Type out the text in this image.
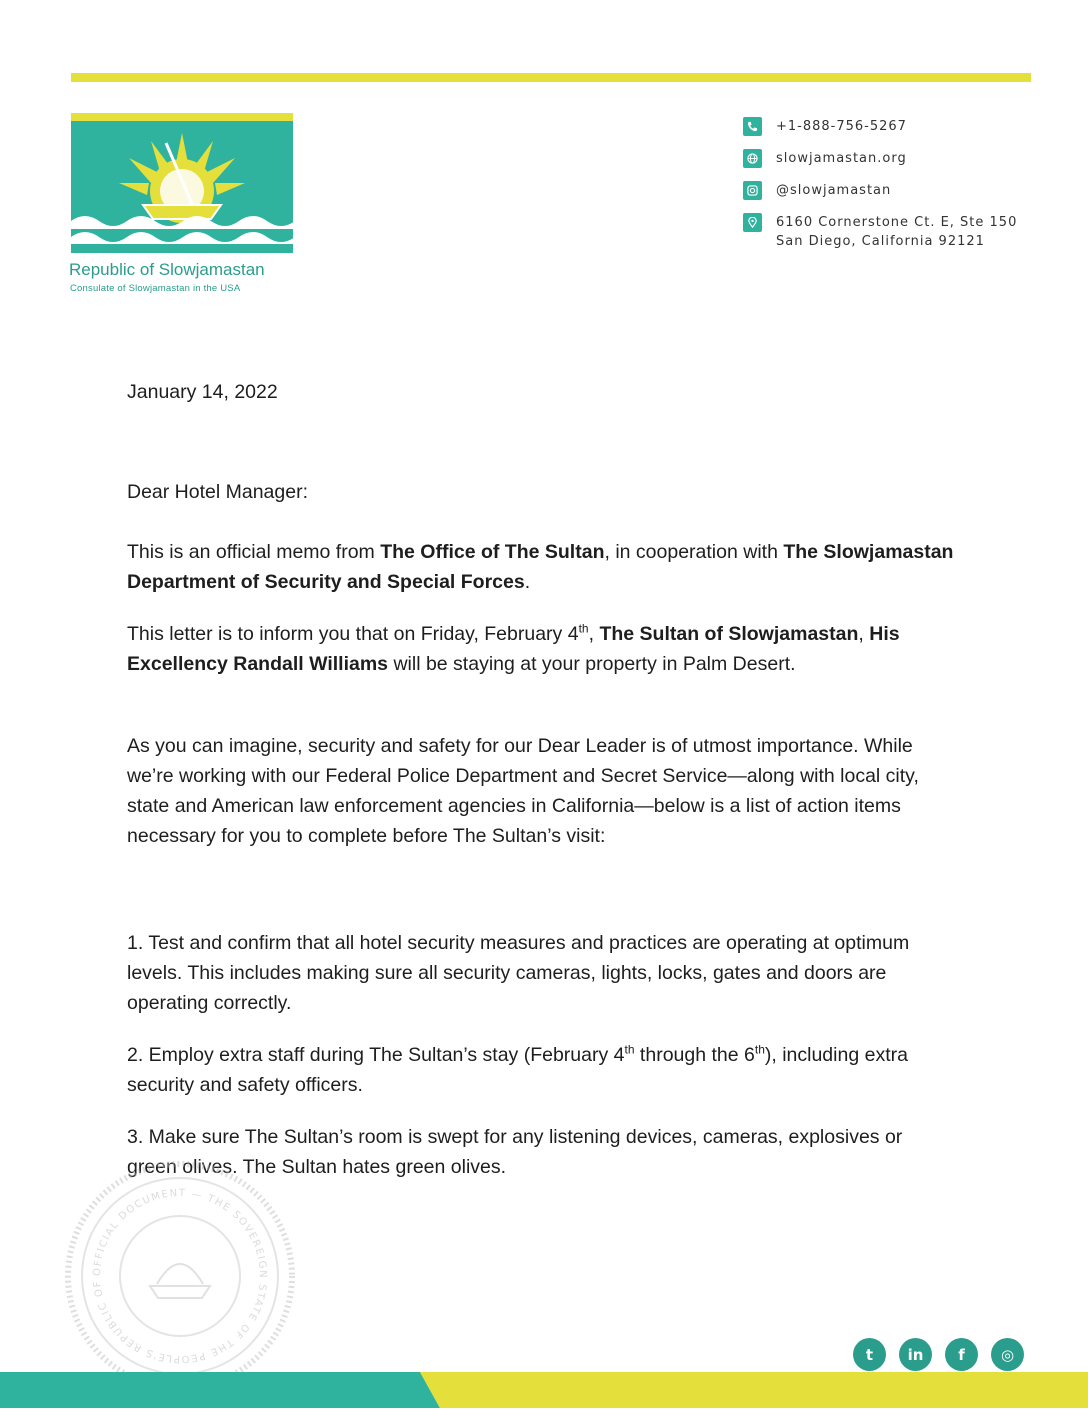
Republic of Slowjamastan
Consulate of Slowjamastan in the USA
+1-888-756-5267
slowjamastan.org
@slowjamastan
6160 Cornerstone Ct. E, Ste 150
San Diego, California 92121
January 14, 2022
Dear Hotel Manager:
This is an official memo from The Office of The Sultan, in cooperation with The Slowjamastan Department of Security and Special Forces.
This letter is to inform you that on Friday, February 4th, The Sultan of Slowjamastan, His Excellency Randall Williams will be staying at your property in Palm Desert.
As you can imagine, security and safety for our Dear Leader is of utmost importance. While we’re working with our Federal Police Department and Secret Service—along with local city, state and American law enforcement agencies in California—below is a list of action items necessary for you to complete before The Sultan’s visit:
1. Test and confirm that all hotel security measures and practices are operating at optimum levels. This includes making sure all security cameras, lights, locks, gates and doors are operating correctly.
2. Employ extra staff during The Sultan’s stay (February 4th through the 6th), including extra security and safety officers.
3. Make sure The Sultan’s room is swept for any listening devices, cameras, explosives or green olives. The Sultan hates green olives.
OFFICIAL DOCUMENT — THE SOVEREIGN STATE OF THE PEOPLE'S REPUBLIC OF
t	in	f	◎
